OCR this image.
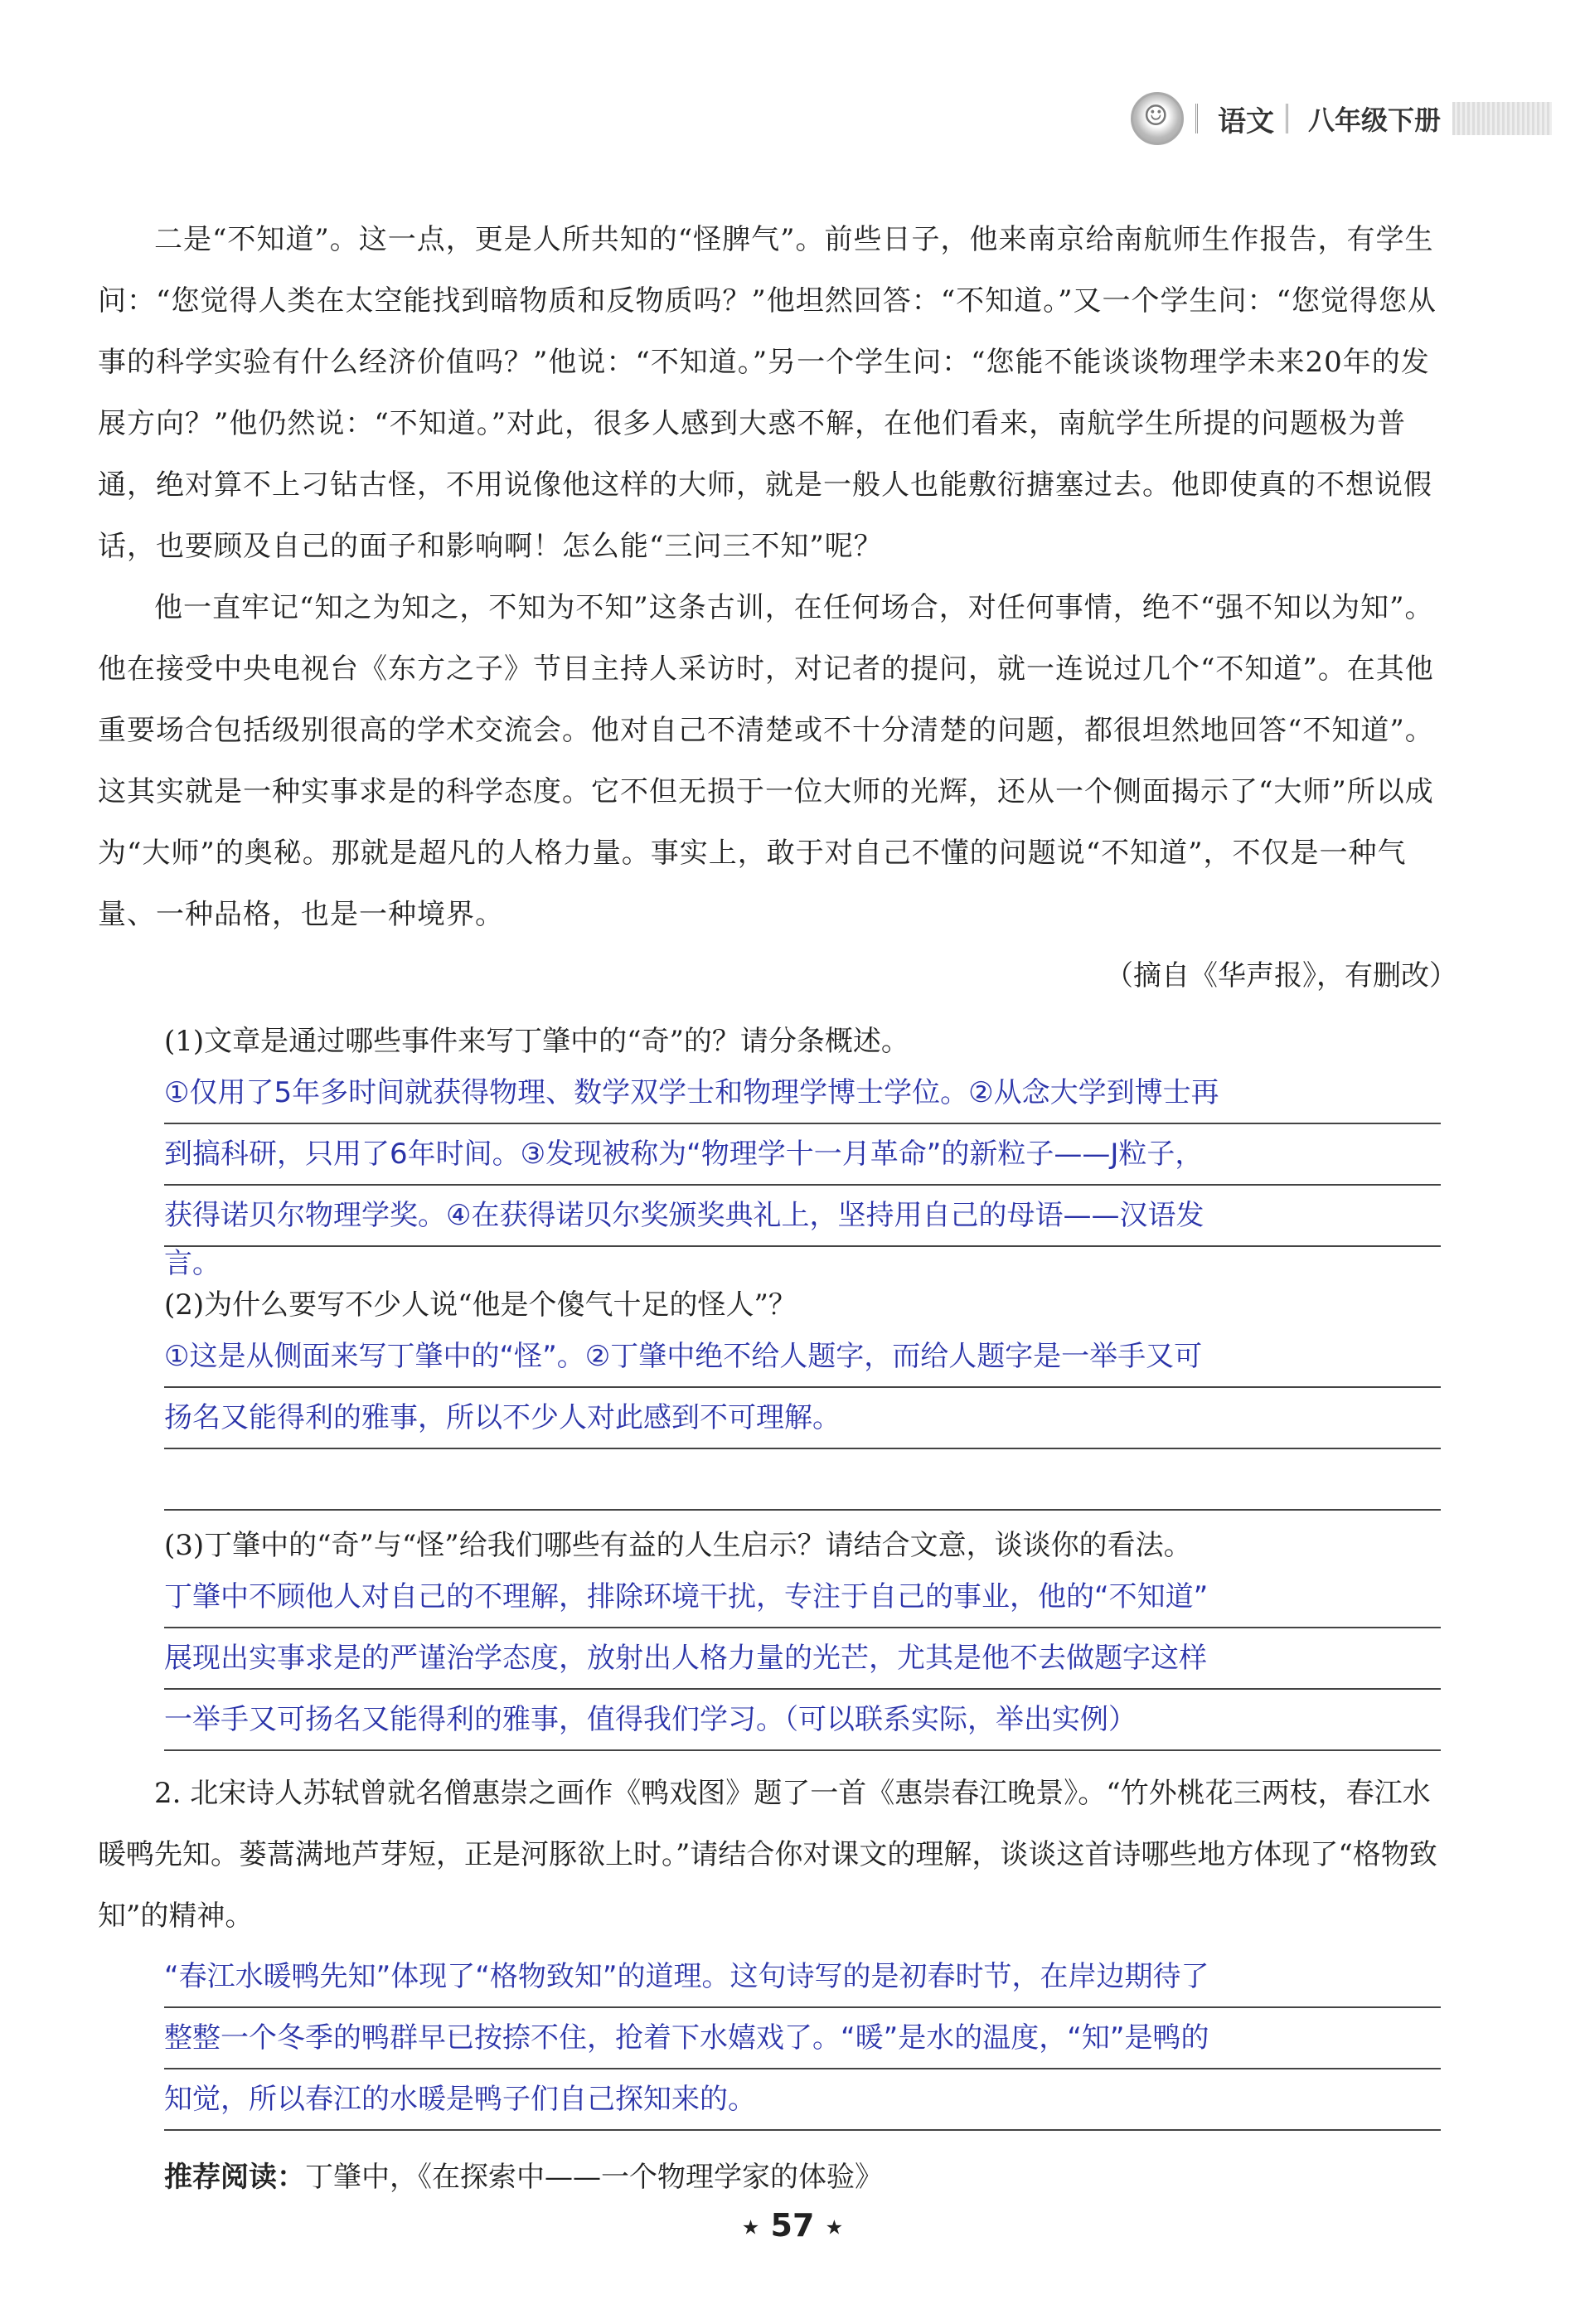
☺
语文 八年级下册

二是“不知道”。这一点，更是人所共知的“怪脾气”。前些日子，他来南京给南航师生作报告，有学生问：“您觉得人类在太空能找到暗物质和反物质吗？”他坦然回答：“不知道。”又一个学生问：“您觉得您从事的科学实验有什么经济价值吗？”他说：“不知道。”另一个学生问：“您能不能谈谈物理学未来20年的发展方向？”他仍然说：“不知道。”对此，很多人感到大惑不解，在他们看来，南航学生所提的问题极为普通，绝对算不上刁钻古怪，不用说像他这样的大师，就是一般人也能敷衍搪塞过去。他即使真的不想说假话，也要顾及自己的面子和影响啊！怎么能“三问三不知”呢？

他一直牢记“知之为知之，不知为不知”这条古训，在任何场合，对任何事情，绝不“强不知以为知”。他在接受中央电视台《东方之子》节目主持人采访时，对记者的提问，就一连说过几个“不知道”。在其他重要场合包括级别很高的学术交流会。他对自己不清楚或不十分清楚的问题，都很坦然地回答“不知道”。这其实就是一种实事求是的科学态度。它不但无损于一位大师的光辉，还从一个侧面揭示了“大师”所以成为“大师”的奥秘。那就是超凡的人格力量。事实上，敢于对自己不懂的问题说“不知道”，不仅是一种气量、一种品格，也是一种境界。

（摘自《华声报》，有删改）

(1)文章是通过哪些事件来写丁肇中的“奇”的？请分条概述。
①仅用了5年多时间就获得物理、数学双学士和物理学博士学位。②从念大学到博士再
到搞科研，只用了6年时间。③发现被称为“物理学十一月革命”的新粒子——J粒子，
获得诺贝尔物理学奖。④在获得诺贝尔奖颁奖典礼上，坚持用自己的母语——汉语发
言。
(2)为什么要写不少人说“他是个傻气十足的怪人”？
①这是从侧面来写丁肇中的“怪”。②丁肇中绝不给人题字，而给人题字是一举手又可
扬名又能得利的雅事，所以不少人对此感到不可理解。
(3)丁肇中的“奇”与“怪”给我们哪些有益的人生启示？请结合文意，谈谈你的看法。
丁肇中不顾他人对自己的不理解，排除环境干扰，专注于自己的事业，他的“不知道”
展现出实事求是的严谨治学态度，放射出人格力量的光芒，尤其是他不去做题字这样
一举手又可扬名又能得利的雅事，值得我们学习。（可以联系实际，举出实例）

2. 北宋诗人苏轼曾就名僧惠崇之画作《鸭戏图》题了一首《惠崇春江晚景》。“竹外桃花三两枝，春江水暖鸭先知。蒌蒿满地芦芽短，正是河豚欲上时。”请结合你对课文的理解，谈谈这首诗哪些地方体现了“格物致知”的精神。

“春江水暖鸭先知”体现了“格物致知”的道理。这句诗写的是初春时节，在岸边期待了
整整一个冬季的鸭群早已按捺不住，抢着下水嬉戏了。“暖”是水的温度，“知”是鸭的
知觉，所以春江的水暖是鸭子们自己探知来的。
推荐阅读：丁肇中，《在探索中——一个物理学家的体验》
★ 57 ★
